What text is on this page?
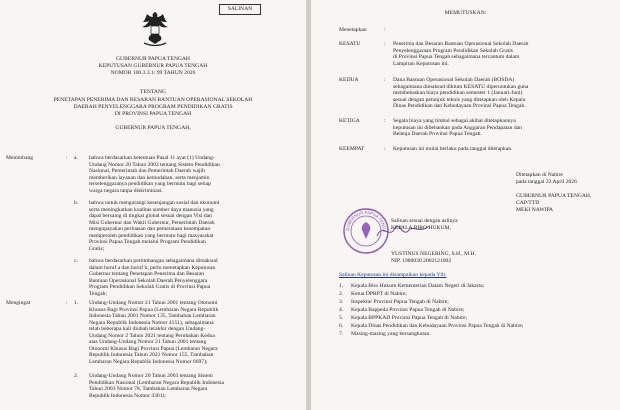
SALINAN
GUBERNUR PAPUA TENGAH
KEPUTUSAN GUBERNUR PAPUA TENGAH
NOMOR 100.3.3.1/ 99 TAHUN 2026
TENTANG
PENETAPAN PENERIMA DAN BESARAN BANTUAN OPERASIONAL SEKOLAH
DAERAH PENYELENGGARA PROGRAM PENDIDIKAN GRATIS
DI PROVINSI PAPUA TENGAH
GUBERNUR PAPUA TENGAH,
Menimbang	: a. bahwa berdasarkan ketentuan Pasal 11 ayat (1) Undang-
Undang Nomor 20 Tahun 2003 tentang Sistem Pendidikan
Nasional, Pemerintah dan Pemerintah Daerah wajib
memberikan layanan dan kemudahan, serta menjamin
terselenggaranya pendidikan yang bermutu bagi setiap
warga negara tanpa diskriminasi.
b. bahwa untuk mengurangi kesenjangan sosial dan ekonomi
serta meningkatkan kualitas sumber daya manusia yang
dapat bersaing di tingkat global sesuai dengan Visi dan
Misi Gubernur dan Wakil Gubernur, Pemerintah Daerah
mengupayakan perluasan dan pemerataan kesempatan
memperoleh pendidikan yang bermutu bagi masyarakat
Provinsi Papua Tengah melalui Program Pendidikan
Gratis;
c. bahwa berdasarkan pertimbangan sebagaimana dimaksud
dalam huruf a dan huruf b, perlu menetapkan Keputusan
Gubernur tentang Penetapan Penerima dan Besaran
Bantuan Operasional Sekolah Daerah Penyelenggara
Program Pendidikan Sekolah Gratis di Provinsi Papua
Tengah;
Mengingat	: 1. Undang-Undang Nomor 21 Tahun 2001 tentang Otonomi
Khusus Bagi Provinsi Papua (Lembaran Negara Republik
Indonesia Tahun 2001 Nomor 135, Tambahan Lembaran
Negara Republik Indonesia Nomor 4151), sebagaimana
telah beberapa kali diubah terakhir dengan Undang-
Undang Nomor 2 Tahun 2021 tentang Perubahan Kedua
atas Undang-Undang Nomor 21 Tahun 2001 tentang
Otonomi Khusus Bagi Provinsi Papua (Lembaran Negara
Republik Indonesia Tahun 2021 Nomor 155, Tambahan
Lembaran Negara Republik Indonesia Nomor 6697);
2. Undang-Undang Nomor 20 Tahun 2003 tentang Sistem
Pendidikan Nasional (Lembaran Negara Republik Indonesia
Tahun 2003 Nomor 78, Tambahan Lembaran Negara
Republik Indonesia Nomor 4301);
MEMUTUSKAN:
Menetapkan	:
KESATU	: Penerima dan Besaran Bantuan Operasional Sekolah Daerah
Penyelenggaraan Program Pendidikan Sekolah Gratis
di Provinsi Papua Tengah sebagaimana tercantum dalam
Lampiran Keputusan ini.
KEDUA	: Dana Bantuan Operasional Sekolah Daerah (BOSDA)
sebagaimana dimaksud diktum KESATU diperuntukan guna
membebaskan biaya pendidikan semester 1 (Januari-Juni)
sesuai dengan petunjuk teknis yang ditetapkan oleh Kepala
Dinas Pendidikan dan Kebudayaan Provinsi Papua Tengah.
KETIGA	: Segala biaya yang timbul sebagai akibat ditetapkannya
keputusan ini dibebankan pada Anggaran Pendapatan dan
Belanja Daerah Provinsi Papua Tengah.
KEEMPAT	: Keputusan ini mulai berlaku pada tanggal ditetapkan.
Ditetapkan di Nabire
pada tanggal 23 April 2026
GUBERNUR PAPUA TENGAH,
CAP/TTD
MEKI NAWIPA
GUBERNUR PAPUA TENGA
Salinan sesuai dengan aslinya
KEPALA BIRO HUKUM,
YUSTINUS NEGERING, S.H., M.H.
NIP. 1980030 2002121002
Salinan Keputusan ini disampaikan kepada Yth:
1. Kepala Biro Hukum Kementerian Dalam Negeri di Jakarta;
2. Ketua DPRPT di Nabire;
3. Inspektur Provinsi Papua Tengah di Nabire;
4. Kepala Bappeda Provinsi Papua Tengah di Nabire;
5. Kepala BPPKAD Provinsi Papua Tengah di Nabire;
6. Kepala Dinas Pendidikan dan Kebudayaan Provinsi Papua Tengah di Nabire;
7. Masing-masing yang bersangkutan.
